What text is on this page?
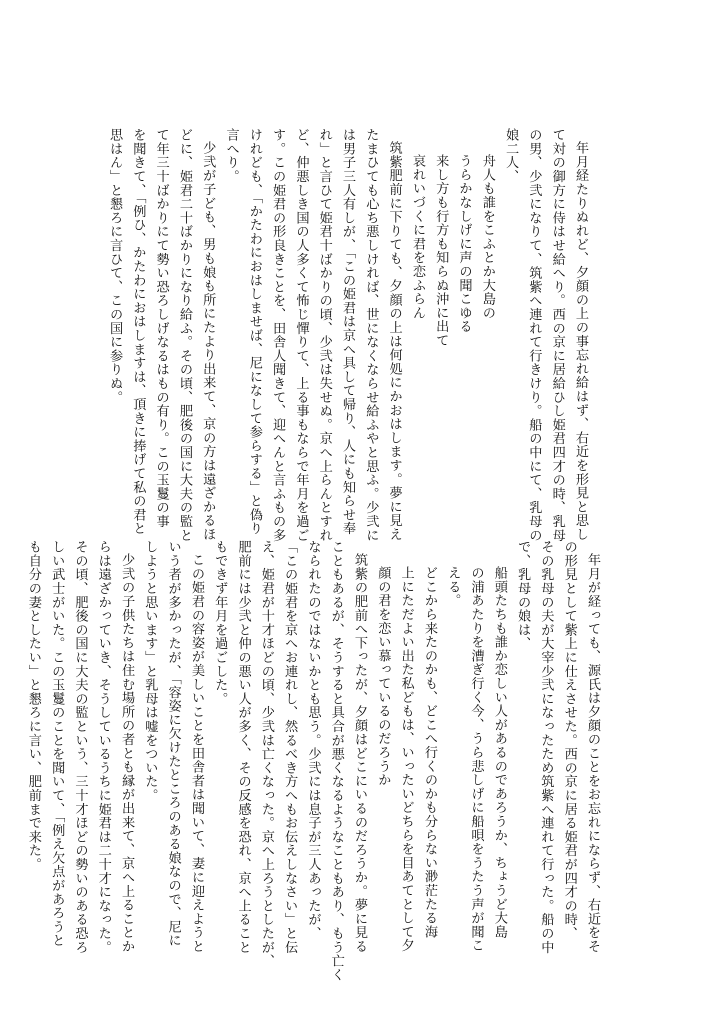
年月経たりぬれど、夕顔の上の事忘れ給はず、右近を形見と思し
て対の御方に侍はせ給へり。西の京に居給ひし姫君四才の時、乳母
の男、少弐になりて、筑紫へ連れて行きけり。船の中にて、乳母の
娘二人、
舟人も誰をこふとか大島の
うらかなしげに声の聞こゆる
来し方も行方も知らぬ沖に出て
哀れいづくに君を恋ふらん
筑紫肥前に下りても、夕顔の上は何処にかおはします。夢に見え
たまひても心ち悪しければ、世になくならせ給ふやと思ふ。少弐に
は男子三人有しが、「この姫君は京へ具して帰り、人にも知らせ奉
れ」と言ひて姫君十ばかりの頃、少弐は失せぬ。京へ上らんとすれ
ど、仲悪しき国の人多くて怖じ憚りて、上る事もならで年月を過ご
す。この姫君の形良きことを、田舎人聞きて、迎へんと言ふもの多
けれども、「かたわにおはしませば、尼になして参らする」と偽り
言へり。
少弐が子ども、男も娘も所にたより出来て、京の方は遠ざかるほ
どに、姫君二十ばかりになり給ふ。その頃、肥後の国に大夫の監と
て年三十ばかりにて勢い恐ろしげなるはもの有り。この玉鬘の事
を聞きて、「例ひ、かたわにおはしますは、頂きに捧げて私の君と
思はん」と懇ろに言ひて、この国に参りぬ。
年月が経っても、源氏は夕顔のことをお忘れにならず、右近をそ
の形見として紫上に仕えさせた。西の京に居る姫君が四才の時、
その乳母の夫が大宰少弐になったため筑紫へ連れて行った。船の中
で、乳母の娘は、
船頭たちも誰か恋しい人があるのであろうか、ちょうど大島
の浦あたりを漕ぎ行く今、うら悲しげに船唄をうたう声が聞こ
える。
どこから来たのかも、どこへ行くのかも分らない渺茫たる海
上にただよい出た私どもは、いったいどちらを目あてとして夕
顔の君を恋い慕っているのだろうか
筑紫の肥前へ下ったが、夕顔はどこにいるのだろうか。夢に見る
こともあるが、そうすると具合が悪くなるようなこともあり、もう亡く
なられたのではないかとも思う。少弐には息子が三人あったが、
「この姫君を京へお連れし、然るべき方へもお伝えしなさい」と伝
え、姫君が十才ほどの頃、少弐は亡くなった。京へ上ろうとしたが、
肥前には少弐と仲の悪い人が多く、その反感を恐れ、京へ上ること
もできず年月を過ごした。
この姫君の容姿が美しいことを田舎者は聞いて、妻に迎えようと
いう者が多かったが、「容姿に欠けたところのある娘なので、尼に
しようと思います」と乳母は嘘をついた。
少弐の子供たちは住む場所の者とも縁が出来て、京へ上ることか
らは遠ざかっていき、そうしているうちに姫君は二十才になった。
その頃、肥後の国に大夫の監という、三十才ほどの勢いのある恐ろ
しい武士がいた。この玉鬘のことを聞いて、「例え欠点があろうと
も自分の妻としたい」と懇ろに言い、肥前まで来た。
